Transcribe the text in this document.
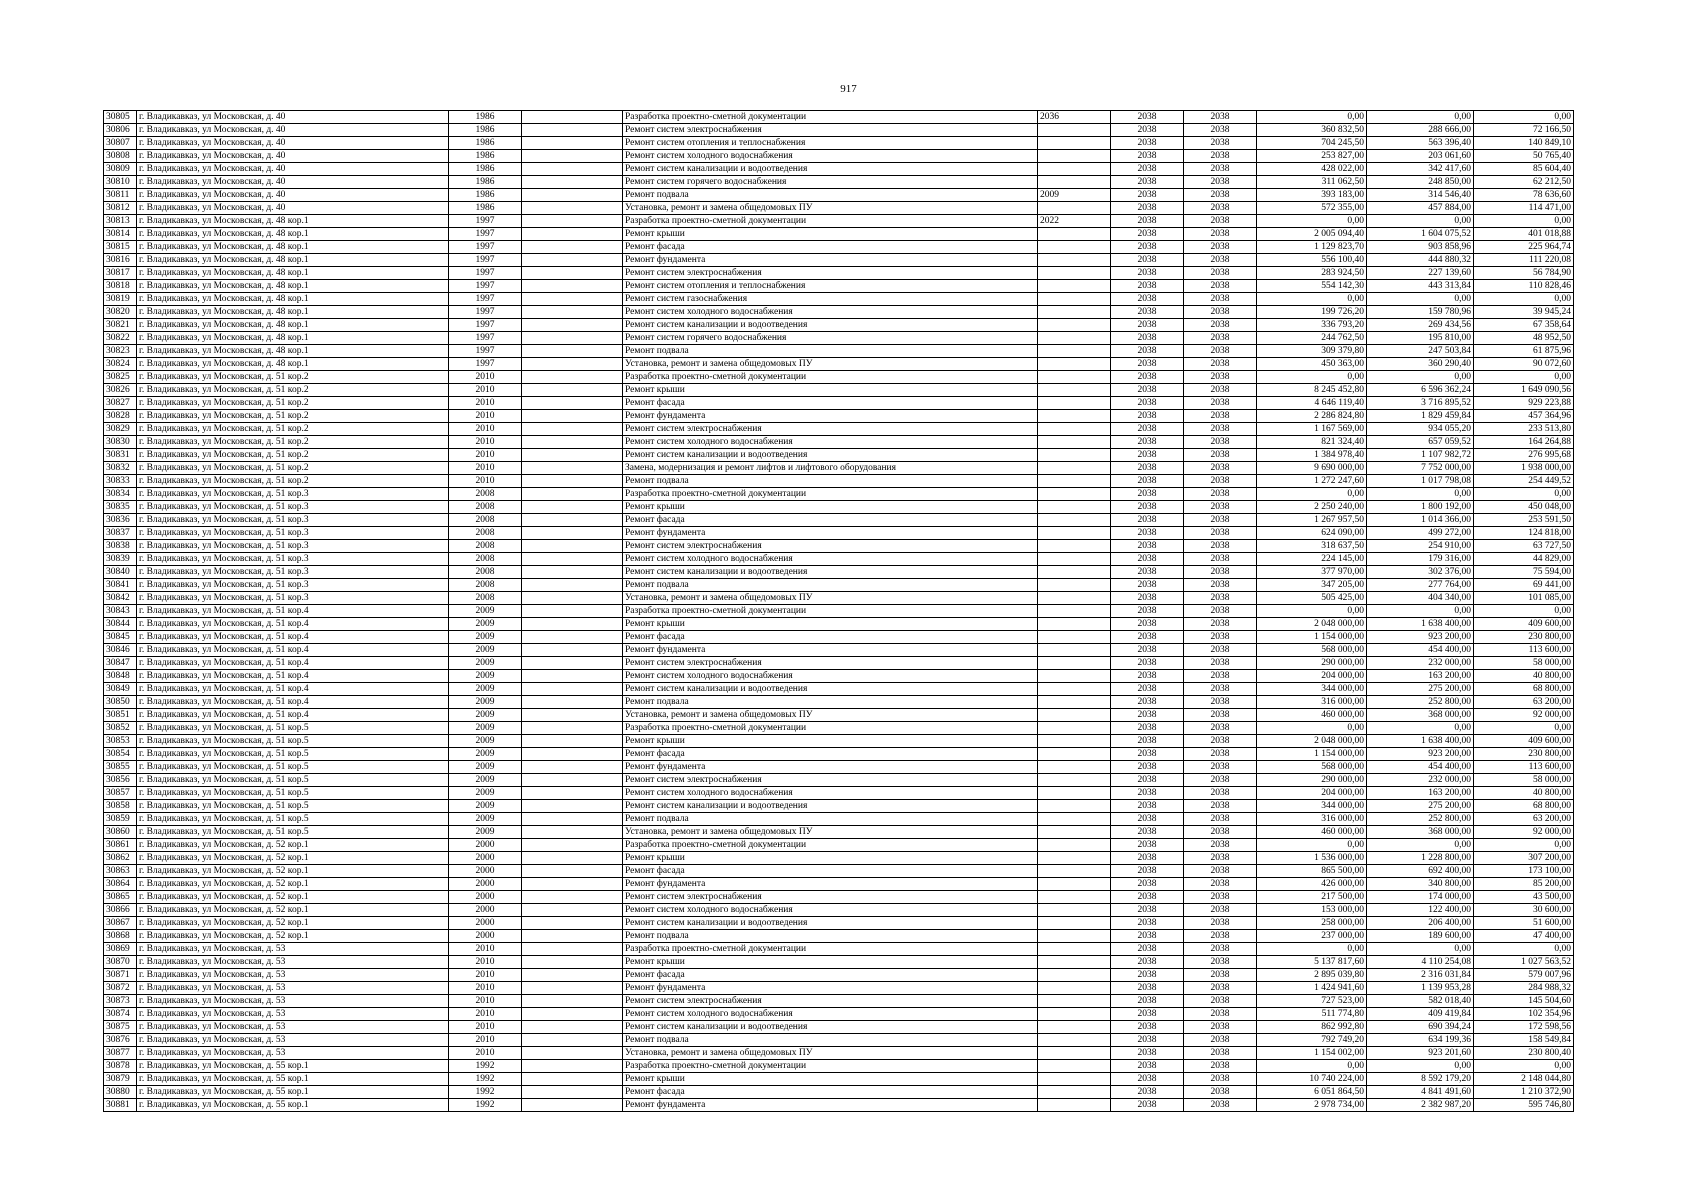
917
30805	г. Владикавказ, ул Московская, д. 40	1986		Разработка проектно-сметной документации	2036	2038	2038	0,00	0,00	0,00
30806	г. Владикавказ, ул Московская, д. 40	1986		Ремонт систем электроснабжения		2038	2038	360 832,50	288 666,00	72 166,50
30807	г. Владикавказ, ул Московская, д. 40	1986		Ремонт систем отопления и теплоснабжения		2038	2038	704 245,50	563 396,40	140 849,10
30808	г. Владикавказ, ул Московская, д. 40	1986		Ремонт систем холодного водоснабжения		2038	2038	253 827,00	203 061,60	50 765,40
30809	г. Владикавказ, ул Московская, д. 40	1986		Ремонт систем канализации и водоотведения		2038	2038	428 022,00	342 417,60	85 604,40
30810	г. Владикавказ, ул Московская, д. 40	1986		Ремонт систем горячего водоснабжения		2038	2038	311 062,50	248 850,00	62 212,50
30811	г. Владикавказ, ул Московская, д. 40	1986		Ремонт подвала	2009	2038	2038	393 183,00	314 546,40	78 636,60
30812	г. Владикавказ, ул Московская, д. 40	1986		Установка, ремонт и замена общедомовых ПУ		2038	2038	572 355,00	457 884,00	114 471,00
30813	г. Владикавказ, ул Московская, д. 48 кор.1	1997		Разработка проектно-сметной документации	2022	2038	2038	0,00	0,00	0,00
30814	г. Владикавказ, ул Московская, д. 48 кор.1	1997		Ремонт крыши		2038	2038	2 005 094,40	1 604 075,52	401 018,88
30815	г. Владикавказ, ул Московская, д. 48 кор.1	1997		Ремонт фасада		2038	2038	1 129 823,70	903 858,96	225 964,74
30816	г. Владикавказ, ул Московская, д. 48 кор.1	1997		Ремонт фундамента		2038	2038	556 100,40	444 880,32	111 220,08
30817	г. Владикавказ, ул Московская, д. 48 кор.1	1997		Ремонт систем электроснабжения		2038	2038	283 924,50	227 139,60	56 784,90
30818	г. Владикавказ, ул Московская, д. 48 кор.1	1997		Ремонт систем отопления и теплоснабжения		2038	2038	554 142,30	443 313,84	110 828,46
30819	г. Владикавказ, ул Московская, д. 48 кор.1	1997		Ремонт систем газоснабжения		2038	2038	0,00	0,00	0,00
30820	г. Владикавказ, ул Московская, д. 48 кор.1	1997		Ремонт систем холодного водоснабжения		2038	2038	199 726,20	159 780,96	39 945,24
30821	г. Владикавказ, ул Московская, д. 48 кор.1	1997		Ремонт систем канализации и водоотведения		2038	2038	336 793,20	269 434,56	67 358,64
30822	г. Владикавказ, ул Московская, д. 48 кор.1	1997		Ремонт систем горячего водоснабжения		2038	2038	244 762,50	195 810,00	48 952,50
30823	г. Владикавказ, ул Московская, д. 48 кор.1	1997		Ремонт подвала		2038	2038	309 379,80	247 503,84	61 875,96
30824	г. Владикавказ, ул Московская, д. 48 кор.1	1997		Установка, ремонт и замена общедомовых ПУ		2038	2038	450 363,00	360 290,40	90 072,60
30825	г. Владикавказ, ул Московская, д. 51 кор.2	2010		Разработка проектно-сметной документации		2038	2038	0,00	0,00	0,00
30826	г. Владикавказ, ул Московская, д. 51 кор.2	2010		Ремонт крыши		2038	2038	8 245 452,80	6 596 362,24	1 649 090,56
30827	г. Владикавказ, ул Московская, д. 51 кор.2	2010		Ремонт фасада		2038	2038	4 646 119,40	3 716 895,52	929 223,88
30828	г. Владикавказ, ул Московская, д. 51 кор.2	2010		Ремонт фундамента		2038	2038	2 286 824,80	1 829 459,84	457 364,96
30829	г. Владикавказ, ул Московская, д. 51 кор.2	2010		Ремонт систем электроснабжения		2038	2038	1 167 569,00	934 055,20	233 513,80
30830	г. Владикавказ, ул Московская, д. 51 кор.2	2010		Ремонт систем холодного водоснабжения		2038	2038	821 324,40	657 059,52	164 264,88
30831	г. Владикавказ, ул Московская, д. 51 кор.2	2010		Ремонт систем канализации и водоотведения		2038	2038	1 384 978,40	1 107 982,72	276 995,68
30832	г. Владикавказ, ул Московская, д. 51 кор.2	2010		Замена, модернизация и ремонт лифтов и лифтового оборудования		2038	2038	9 690 000,00	7 752 000,00	1 938 000,00
30833	г. Владикавказ, ул Московская, д. 51 кор.2	2010		Ремонт подвала		2038	2038	1 272 247,60	1 017 798,08	254 449,52
30834	г. Владикавказ, ул Московская, д. 51 кор.3	2008		Разработка проектно-сметной документации		2038	2038	0,00	0,00	0,00
30835	г. Владикавказ, ул Московская, д. 51 кор.3	2008		Ремонт крыши		2038	2038	2 250 240,00	1 800 192,00	450 048,00
30836	г. Владикавказ, ул Московская, д. 51 кор.3	2008		Ремонт фасада		2038	2038	1 267 957,50	1 014 366,00	253 591,50
30837	г. Владикавказ, ул Московская, д. 51 кор.3	2008		Ремонт фундамента		2038	2038	624 090,00	499 272,00	124 818,00
30838	г. Владикавказ, ул Московская, д. 51 кор.3	2008		Ремонт систем электроснабжения		2038	2038	318 637,50	254 910,00	63 727,50
30839	г. Владикавказ, ул Московская, д. 51 кор.3	2008		Ремонт систем холодного водоснабжения		2038	2038	224 145,00	179 316,00	44 829,00
30840	г. Владикавказ, ул Московская, д. 51 кор.3	2008		Ремонт систем канализации и водоотведения		2038	2038	377 970,00	302 376,00	75 594,00
30841	г. Владикавказ, ул Московская, д. 51 кор.3	2008		Ремонт подвала		2038	2038	347 205,00	277 764,00	69 441,00
30842	г. Владикавказ, ул Московская, д. 51 кор.3	2008		Установка, ремонт и замена общедомовых ПУ		2038	2038	505 425,00	404 340,00	101 085,00
30843	г. Владикавказ, ул Московская, д. 51 кор.4	2009		Разработка проектно-сметной документации		2038	2038	0,00	0,00	0,00
30844	г. Владикавказ, ул Московская, д. 51 кор.4	2009		Ремонт крыши		2038	2038	2 048 000,00	1 638 400,00	409 600,00
30845	г. Владикавказ, ул Московская, д. 51 кор.4	2009		Ремонт фасада		2038	2038	1 154 000,00	923 200,00	230 800,00
30846	г. Владикавказ, ул Московская, д. 51 кор.4	2009		Ремонт фундамента		2038	2038	568 000,00	454 400,00	113 600,00
30847	г. Владикавказ, ул Московская, д. 51 кор.4	2009		Ремонт систем электроснабжения		2038	2038	290 000,00	232 000,00	58 000,00
30848	г. Владикавказ, ул Московская, д. 51 кор.4	2009		Ремонт систем холодного водоснабжения		2038	2038	204 000,00	163 200,00	40 800,00
30849	г. Владикавказ, ул Московская, д. 51 кор.4	2009		Ремонт систем канализации и водоотведения		2038	2038	344 000,00	275 200,00	68 800,00
30850	г. Владикавказ, ул Московская, д. 51 кор.4	2009		Ремонт подвала		2038	2038	316 000,00	252 800,00	63 200,00
30851	г. Владикавказ, ул Московская, д. 51 кор.4	2009		Установка, ремонт и замена общедомовых ПУ		2038	2038	460 000,00	368 000,00	92 000,00
30852	г. Владикавказ, ул Московская, д. 51 кор.5	2009		Разработка проектно-сметной документации		2038	2038	0,00	0,00	0,00
30853	г. Владикавказ, ул Московская, д. 51 кор.5	2009		Ремонт крыши		2038	2038	2 048 000,00	1 638 400,00	409 600,00
30854	г. Владикавказ, ул Московская, д. 51 кор.5	2009		Ремонт фасада		2038	2038	1 154 000,00	923 200,00	230 800,00
30855	г. Владикавказ, ул Московская, д. 51 кор.5	2009		Ремонт фундамента		2038	2038	568 000,00	454 400,00	113 600,00
30856	г. Владикавказ, ул Московская, д. 51 кор.5	2009		Ремонт систем электроснабжения		2038	2038	290 000,00	232 000,00	58 000,00
30857	г. Владикавказ, ул Московская, д. 51 кор.5	2009		Ремонт систем холодного водоснабжения		2038	2038	204 000,00	163 200,00	40 800,00
30858	г. Владикавказ, ул Московская, д. 51 кор.5	2009		Ремонт систем канализации и водоотведения		2038	2038	344 000,00	275 200,00	68 800,00
30859	г. Владикавказ, ул Московская, д. 51 кор.5	2009		Ремонт подвала		2038	2038	316 000,00	252 800,00	63 200,00
30860	г. Владикавказ, ул Московская, д. 51 кор.5	2009		Установка, ремонт и замена общедомовых ПУ		2038	2038	460 000,00	368 000,00	92 000,00
30861	г. Владикавказ, ул Московская, д. 52 кор.1	2000		Разработка проектно-сметной документации		2038	2038	0,00	0,00	0,00
30862	г. Владикавказ, ул Московская, д. 52 кор.1	2000		Ремонт крыши		2038	2038	1 536 000,00	1 228 800,00	307 200,00
30863	г. Владикавказ, ул Московская, д. 52 кор.1	2000		Ремонт фасада		2038	2038	865 500,00	692 400,00	173 100,00
30864	г. Владикавказ, ул Московская, д. 52 кор.1	2000		Ремонт фундамента		2038	2038	426 000,00	340 800,00	85 200,00
30865	г. Владикавказ, ул Московская, д. 52 кор.1	2000		Ремонт систем электроснабжения		2038	2038	217 500,00	174 000,00	43 500,00
30866	г. Владикавказ, ул Московская, д. 52 кор.1	2000		Ремонт систем холодного водоснабжения		2038	2038	153 000,00	122 400,00	30 600,00
30867	г. Владикавказ, ул Московская, д. 52 кор.1	2000		Ремонт систем канализации и водоотведения		2038	2038	258 000,00	206 400,00	51 600,00
30868	г. Владикавказ, ул Московская, д. 52 кор.1	2000		Ремонт подвала		2038	2038	237 000,00	189 600,00	47 400,00
30869	г. Владикавказ, ул Московская, д. 53	2010		Разработка проектно-сметной документации		2038	2038	0,00	0,00	0,00
30870	г. Владикавказ, ул Московская, д. 53	2010		Ремонт крыши		2038	2038	5 137 817,60	4 110 254,08	1 027 563,52
30871	г. Владикавказ, ул Московская, д. 53	2010		Ремонт фасада		2038	2038	2 895 039,80	2 316 031,84	579 007,96
30872	г. Владикавказ, ул Московская, д. 53	2010		Ремонт фундамента		2038	2038	1 424 941,60	1 139 953,28	284 988,32
30873	г. Владикавказ, ул Московская, д. 53	2010		Ремонт систем электроснабжения		2038	2038	727 523,00	582 018,40	145 504,60
30874	г. Владикавказ, ул Московская, д. 53	2010		Ремонт систем холодного водоснабжения		2038	2038	511 774,80	409 419,84	102 354,96
30875	г. Владикавказ, ул Московская, д. 53	2010		Ремонт систем канализации и водоотведения		2038	2038	862 992,80	690 394,24	172 598,56
30876	г. Владикавказ, ул Московская, д. 53	2010		Ремонт подвала		2038	2038	792 749,20	634 199,36	158 549,84
30877	г. Владикавказ, ул Московская, д. 53	2010		Установка, ремонт и замена общедомовых ПУ		2038	2038	1 154 002,00	923 201,60	230 800,40
30878	г. Владикавказ, ул Московская, д. 55 кор.1	1992		Разработка проектно-сметной документации		2038	2038	0,00	0,00	0,00
30879	г. Владикавказ, ул Московская, д. 55 кор.1	1992		Ремонт крыши		2038	2038	10 740 224,00	8 592 179,20	2 148 044,80
30880	г. Владикавказ, ул Московская, д. 55 кор.1	1992		Ремонт фасада		2038	2038	6 051 864,50	4 841 491,60	1 210 372,90
30881	г. Владикавказ, ул Московская, д. 55 кор.1	1992		Ремонт фундамента		2038	2038	2 978 734,00	2 382 987,20	595 746,80
